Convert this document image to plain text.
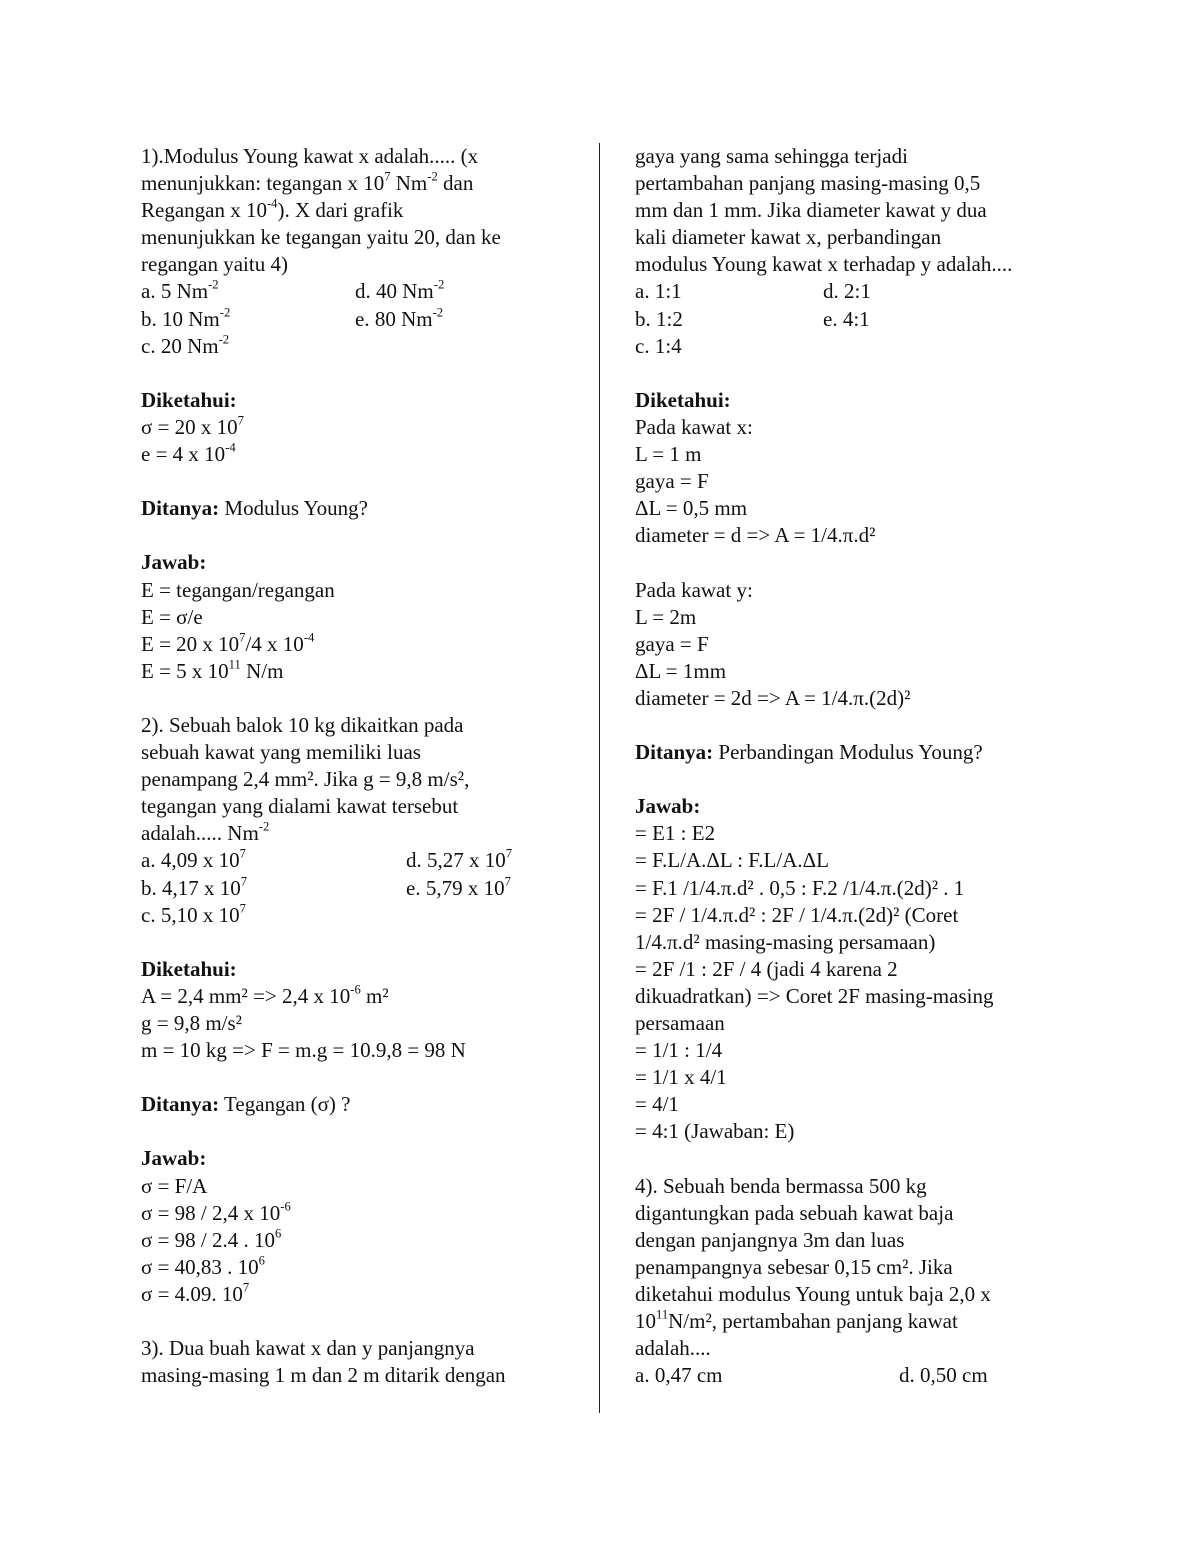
1).Modulus Young kawat x adalah..... (x
menunjukkan: tegangan x $10^7$ $Nm^{-2}$ dan
Regangan x $10^{-4}$). X dari grafik
menunjukkan ke tegangan yaitu 20, dan ke
regangan yaitu 4)
a. 5 $Nm^{-2}$	d. 40 $Nm^{-2}$
b. 10 $Nm^{-2}$	e. 80 $Nm^{-2}$
c. 20 $Nm^{-2}$
Diketahui:
σ = 20 x $10^7$
e = 4 x $10^{-4}$
Ditanya: Modulus Young?
Jawab:
E = tegangan/regangan
E = σ/e
E = 20 x $10^7/4$ x $10^{-4}$
E = 5 x $10^{11}$ N/m
2). Sebuah balok 10 kg dikaitkan pada
sebuah kawat yang memiliki luas
penampang 2,4 mm². Jika g = 9,8 m/s²,
tegangan yang dialami kawat tersebut
adalah..... $Nm^{-2}$
a. 4,09 x $10^7$	d. 5,27 x $10^7$
b. 4,17 x $10^7$	e. 5,79 x $10^7$
c. 5,10 x $10^7$
Diketahui:
A = 2,4 mm² => 2,4 x $10^{-6}$ m²
g = 9,8 m/s²
m = 10 kg => F = m.g = 10.9,8 = 98 N
Ditanya: Tegangan (σ) ?
Jawab:
σ = F/A
σ = 98 / 2,4 x $10^{-6}$
σ = 98 / 2.4 . $10^6$
σ = 40,83 . $10^6$
σ = 4.09. $10^7$
3). Dua buah kawat x dan y panjangnya
masing-masing 1 m dan 2 m ditarik dengan
gaya yang sama sehingga terjadi
pertambahan panjang masing-masing 0,5
mm dan 1 mm. Jika diameter kawat y dua
kali diameter kawat x, perbandingan
modulus Young kawat x terhadap y adalah....
a. 1:1	d. 2:1
b. 1:2	e. 4:1
c. 1:4
Diketahui:
Pada kawat x:
L = 1 m
gaya = F
ΔL = 0,5 mm
diameter = d => A = 1/4.π.d²
Pada kawat y:
L = 2m
gaya = F
ΔL = 1mm
diameter = 2d => A = 1/4.π.(2d)²
Ditanya: Perbandingan Modulus Young?
Jawab:
= E1 : E2
= F.L/A.ΔL : F.L/A.ΔL
= F.1 /1/4.π.d² . 0,5 : F.2 /1/4.π.(2d)² . 1
= 2F / 1/4.π.d² : 2F / 1/4.π.(2d)² (Coret
1/4.π.d² masing-masing persamaan)
= 2F /1 : 2F / 4 (jadi 4 karena 2
dikuadratkan) => Coret 2F masing-masing
persamaan
= 1/1 : 1/4
= 1/1 x 4/1
= 4/1
= 4:1 (Jawaban: E)
4). Sebuah benda bermassa 500 kg
digantungkan pada sebuah kawat baja
dengan panjangnya 3m dan luas
penampangnya sebesar 0,15 cm². Jika
diketahui modulus Young untuk baja 2,0 x
$10^{11}N/m^2$, pertambahan panjang kawat
adalah....
a. 0,47 cm	d. 0,50 cm
